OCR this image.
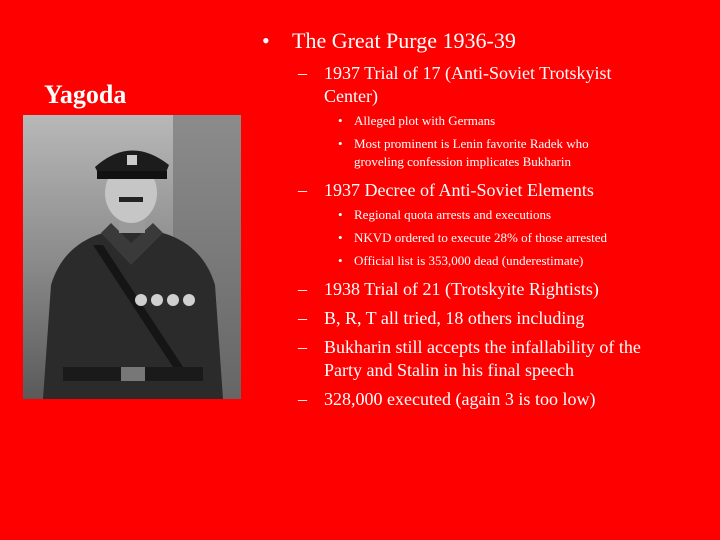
Yagoda
• The Great Purge 1936-39
– 1937 Trial of 17 (Anti-Soviet Trotskyist
Center)
• Alleged plot with Germans
• Most prominent is Lenin favorite Radek who
groveling confession implicates Bukharin
– 1937 Decree of Anti-Soviet Elements
• Regional quota arrests and executions
• NKVD ordered to execute 28% of those arrested
• Official list is 353,000 dead (underestimate)
– 1938 Trial of 21 (Trotskyite Rightists)
– B, R, T all tried, 18 others including
– Bukharin still accepts the infallability of the
Party and Stalin in his final speech
– 328,000 executed (again 3 is too low)
